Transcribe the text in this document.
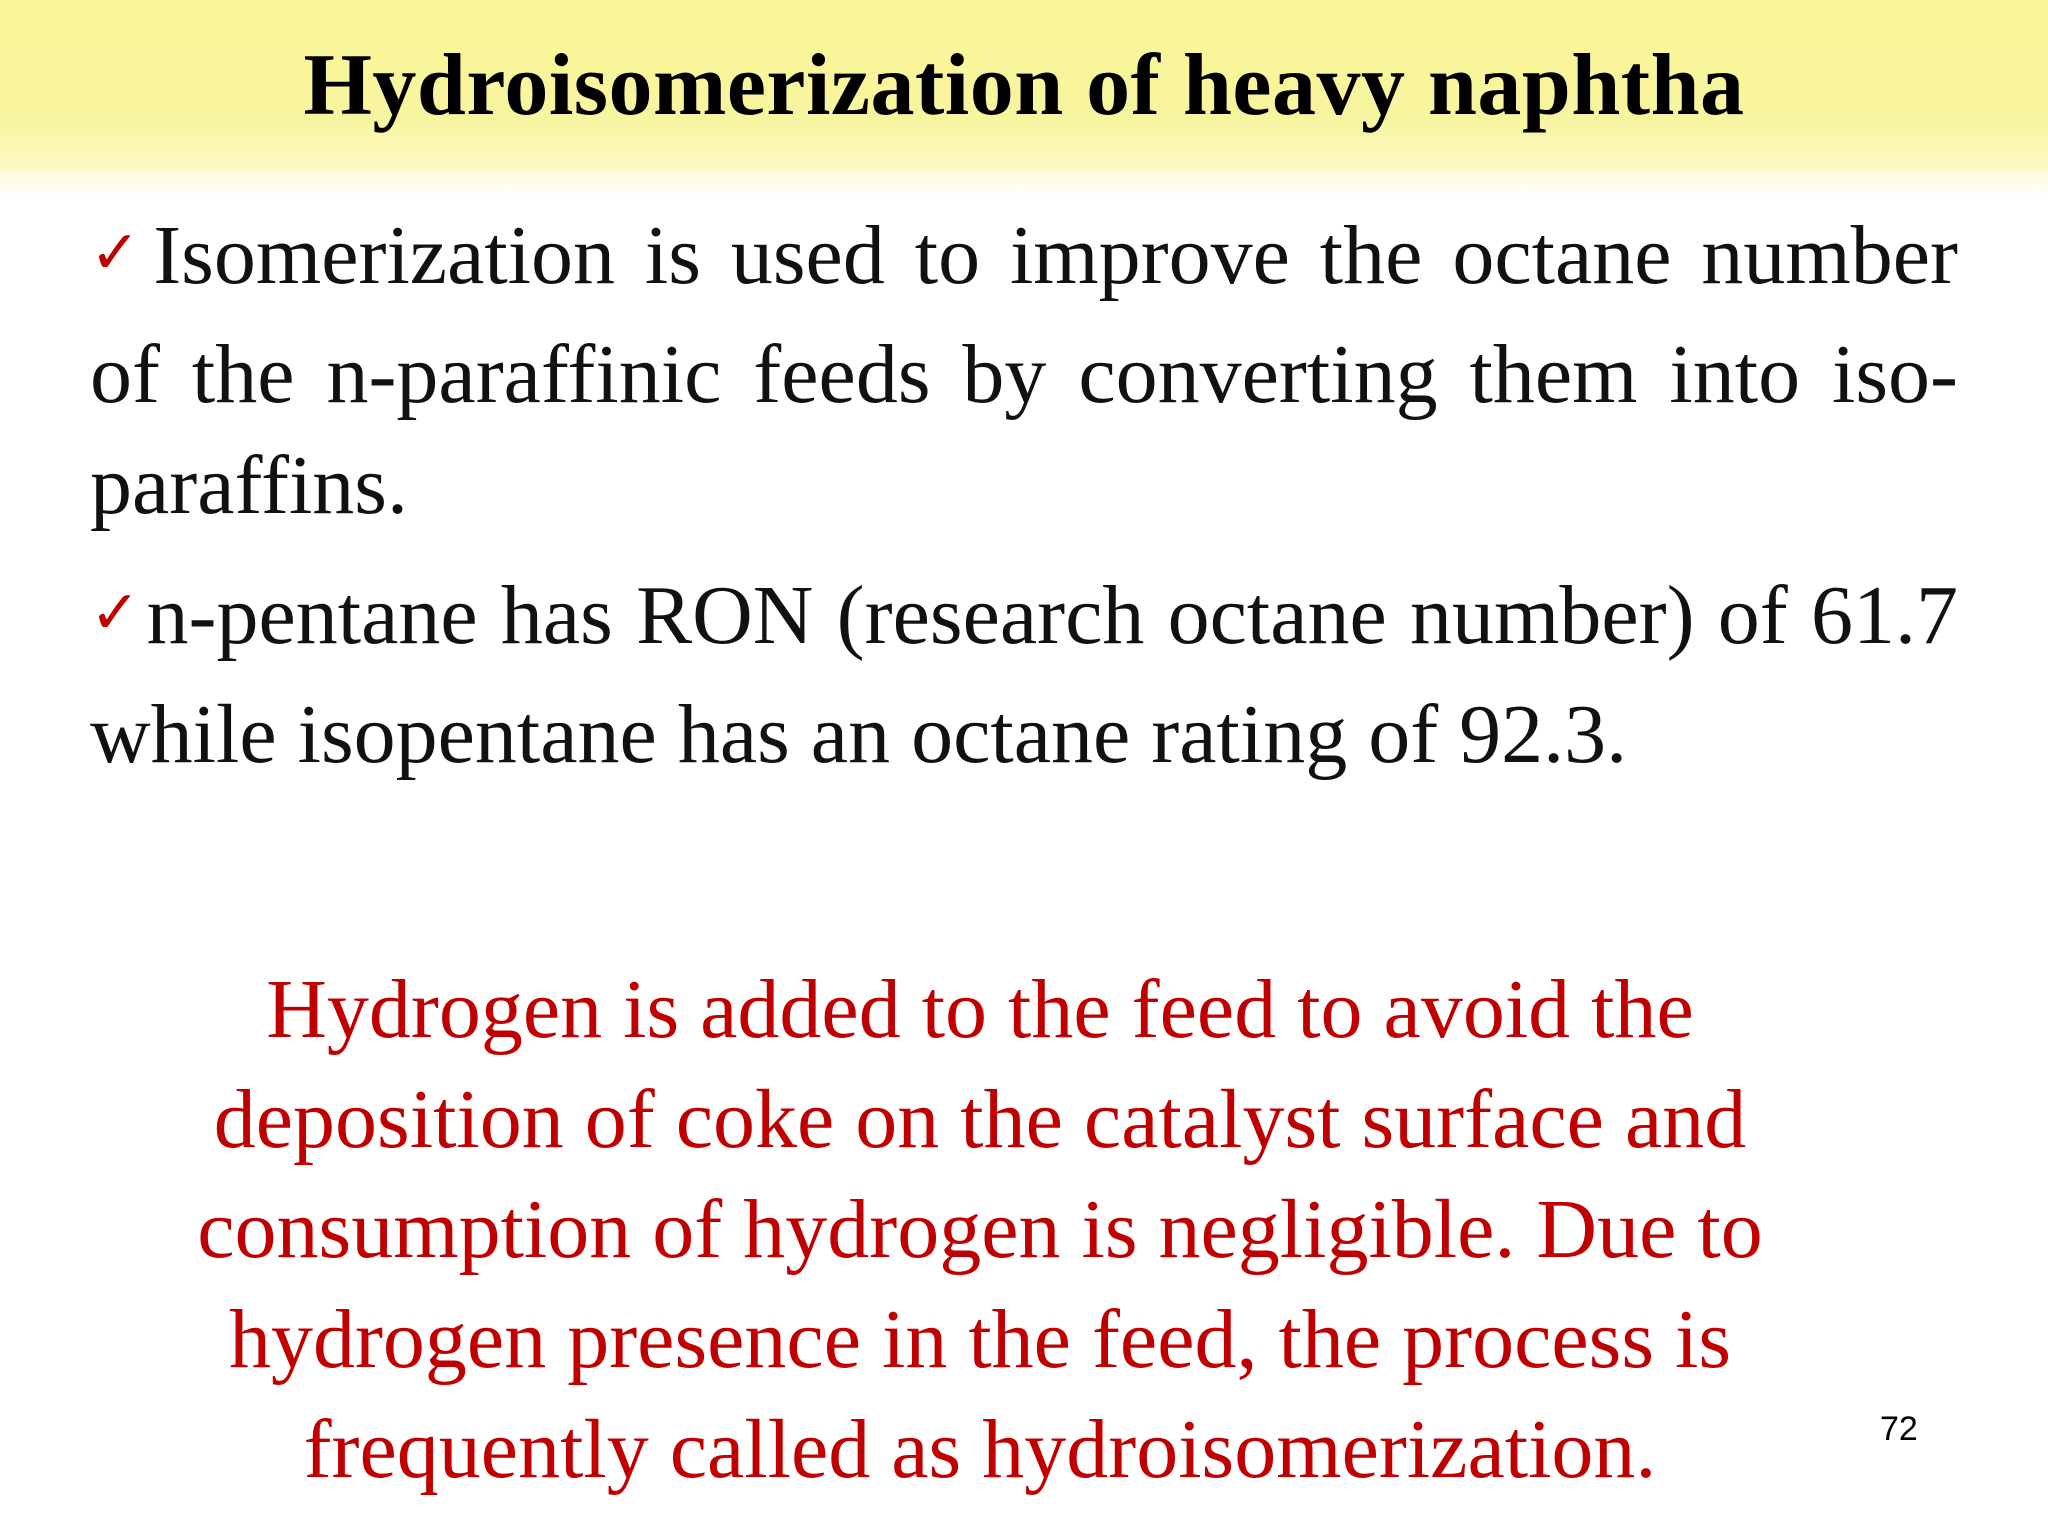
Hydroisomerization of heavy naphtha

✓Isomerization is used to improve the octane number of the n-paraffinic feeds by converting them into iso-paraffins.

✓n-pentane has RON (research octane number) of 61.7 while isopentane has an octane rating of 92.3.

Hydrogen is added to the feed to avoid the deposition of coke on the catalyst surface and consumption of hydrogen is negligible. Due to hydrogen presence in the feed, the process is frequently called as hydroisomerization.	72
